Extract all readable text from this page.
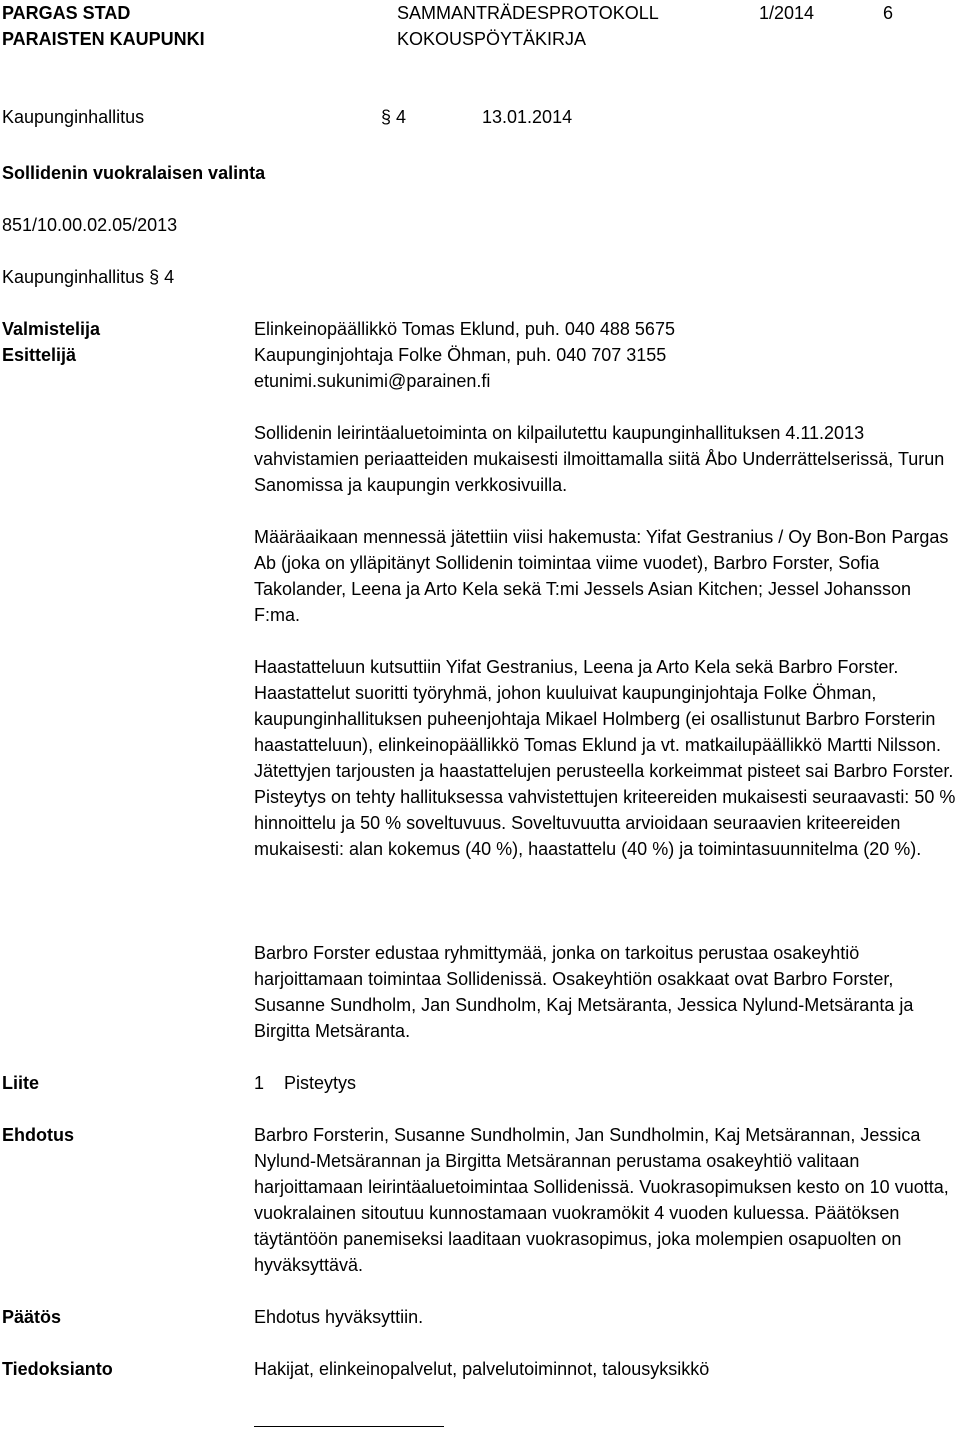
PARGAS STAD
PARAISTEN KAUPUNKI
SAMMANTRÄDESPROTOKOLL
KOKOUSPÖYTÄKIRJA
1/2014	6
Kaupunginhallitus	§ 4	13.01.2014
Sollidenin vuokralaisen valinta
851/10.00.02.05/2013
Kaupunginhallitus § 4
Valmistelija	Elinkeinopäällikkö Tomas Eklund, puh. 040 488 5675
Esittelijä	Kaupunginjohtaja Folke Öhman, puh. 040 707 3155
etunimi.sukunimi@parainen.fi
Sollidenin leirintäaluetoiminta on kilpailutettu kaupunginhallituksen 4.11.2013 vahvistamien periaatteiden mukaisesti ilmoittamalla siitä Åbo Underrättelserissä, Turun Sanomissa ja kaupungin verkkosivuilla.
Määräaikaan mennessä jätettiin viisi hakemusta: Yifat Gestranius / Oy Bon-Bon Pargas Ab (joka on ylläpitänyt Sollidenin toimintaa viime vuodet), Barbro Forster, Sofia Takolander, Leena ja Arto Kela sekä T:mi Jessels Asian Kitchen; Jessel Johansson F:ma.
Haastatteluun kutsuttiin Yifat Gestranius, Leena ja Arto Kela sekä Barbro Forster. Haastattelut suoritti työryhmä, johon kuuluivat kaupunginjohtaja Folke Öhman, kaupunginhallituksen puheenjohtaja Mikael Holmberg (ei osallistunut Barbro Forsterin haastatteluun), elinkeinopäällikkö Tomas Eklund ja vt. matkailupäällikkö Martti Nilsson. Jätettyjen tarjousten ja haastattelujen perusteella korkeimmat pisteet sai Barbro Forster. Pisteytys on tehty hallituksessa vahvistettujen kriteereiden mukaisesti seuraavasti: 50 % hinnoittelu ja 50 % soveltuvuus. Soveltuvuutta arvioidaan seuraavien kriteereiden mukaisesti: alan kokemus (40 %), haastattelu (40 %) ja toimintasuunnitelma (20 %).
Barbro Forster edustaa ryhmittymää, jonka on tarkoitus perustaa osakeyhtiö harjoittamaan toimintaa Sollidenissä. Osakeyhtiön osakkaat ovat Barbro Forster, Susanne Sundholm, Jan Sundholm, Kaj Metsäranta, Jessica Nylund-Metsäranta ja Birgitta Metsäranta.
Liite	1 Pisteytys
Ehdotus	Barbro Forsterin, Susanne Sundholmin, Jan Sundholmin, Kaj Metsärannan, Jessica Nylund-Metsärannan ja Birgitta Metsärannan perustama osakeyhtiö valitaan harjoittamaan leirintäaluetoimintaa Sollidenissä. Vuokrasopimuksen kesto on 10 vuotta, vuokralainen sitoutuu kunnostamaan vuokramökit 4 vuoden kuluessa. Päätöksen täytäntöön panemiseksi laaditaan vuokrasopimus, joka molempien osapuolten on hyväksyttävä.
Päätös	Ehdotus hyväksyttiin.
Tiedoksianto	Hakijat, elinkeinopalvelut, palvelutoiminnot, talousyksikkö
